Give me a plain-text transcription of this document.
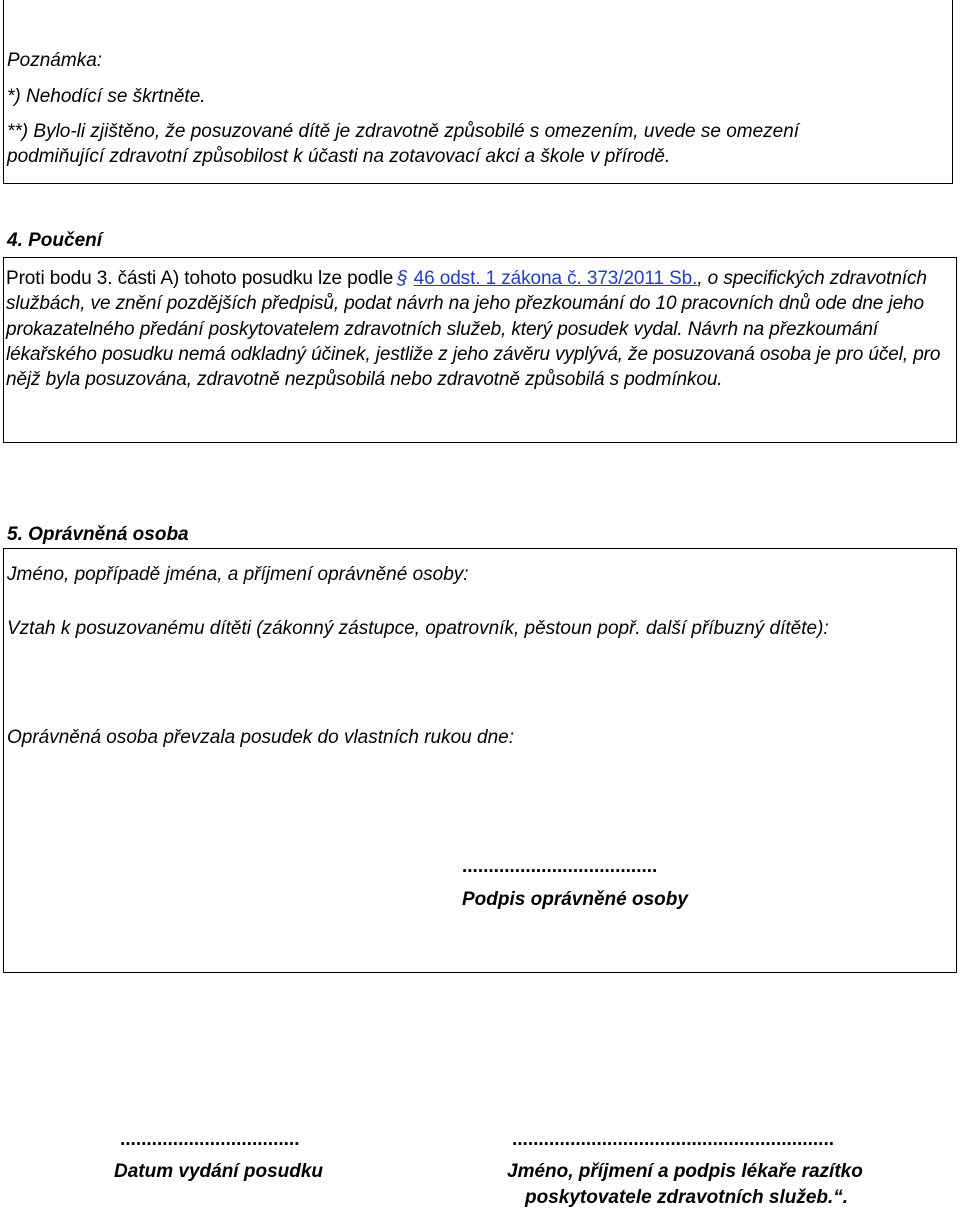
Poznámka:
*) Nehodící se škrtněte.
**) Bylo-li zjištěno, že posuzované dítě je zdravotně způsobilé s omezením, uvede se omezení
podmiňující zdravotní způsobilost k účasti na zotavovací akci a škole v přírodě.
4. Poučení
Proti bodu 3. části A) tohoto posudku lze podle § 46 odst. 1 zákona č. 373/2011 Sb., o specifických zdravotních službách, ve znění pozdějších předpisů, podat návrh na jeho přezkoumání do 10 pracovních dnů ode dne jeho prokazatelného předání poskytovatelem zdravotních služeb, který posudek vydal. Návrh na přezkoumání lékařského posudku nemá odkladný účinek, jestliže z jeho závěru vyplývá, že posuzovaná osoba je pro účel, pro nějž byla posuzována, zdravotně nezpůsobilá nebo zdravotně způsobilá s podmínkou.
5. Oprávněná osoba
Jméno, popřípadě jména, a příjmení oprávněné osoby:
Vztah k posuzovanému dítěti (zákonný zástupce, opatrovník, pěstoun popř. další příbuzný dítěte):
Oprávněná osoba převzala posudek do vlastních rukou dne:
.....................................
Podpis oprávněné osoby
..................................
Datum vydání posudku
.............................................................
Jméno, příjmení a podpis lékaře razítko
poskytovatele zdravotních služeb.“.
